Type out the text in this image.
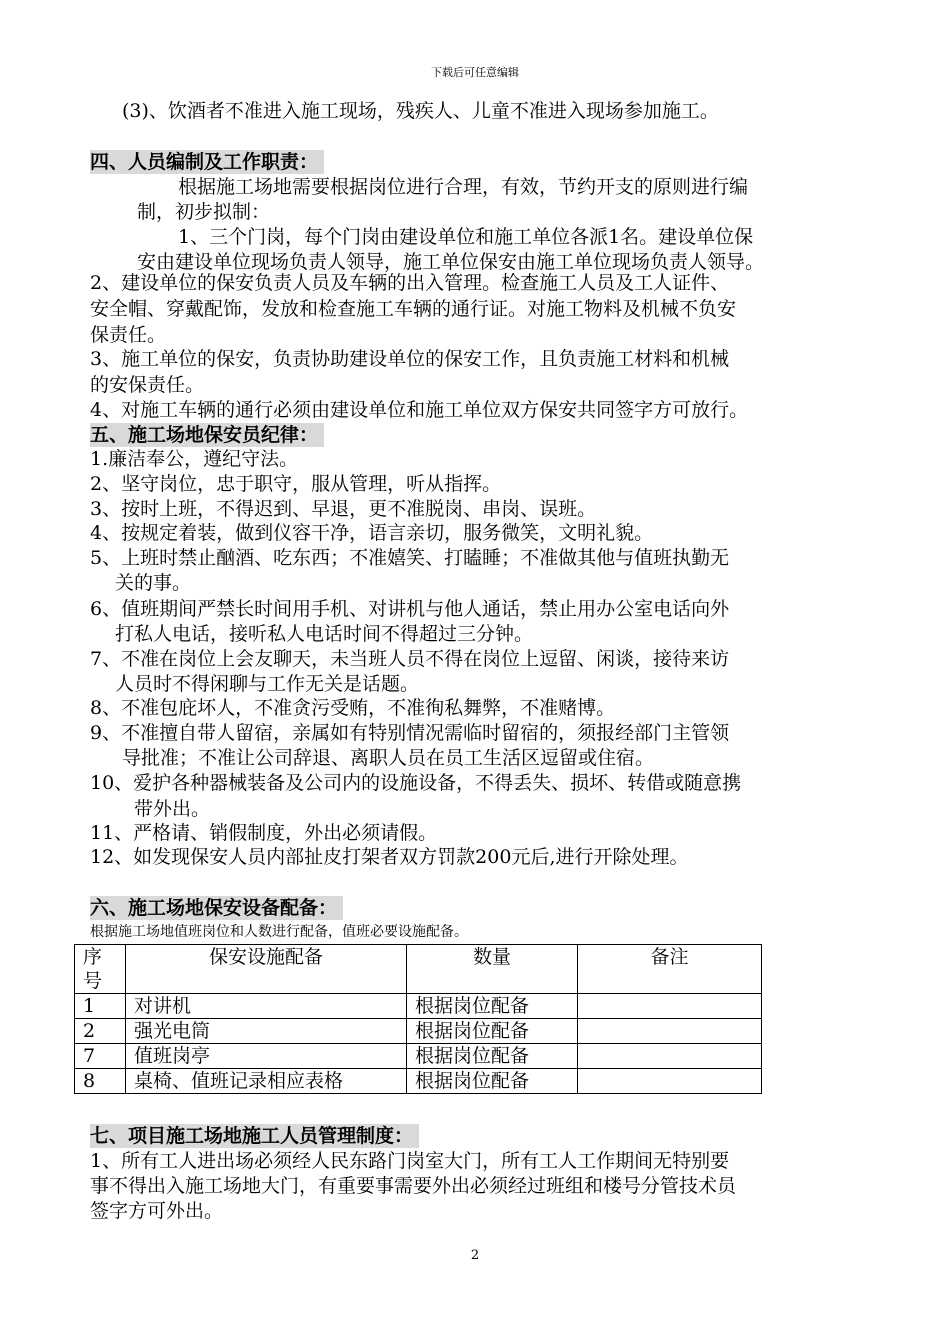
下载后可任意编辑
(3)、饮酒者不准进入施工现场，残疾人、儿童不准进入现场参加施工。
四、人员编制及工作职责：
根据施工场地需要根据岗位进行合理，有效，节约开支的原则进行编
制，初步拟制：
1、三个门岗，每个门岗由建设单位和施工单位各派1名。建设单位保
安由建设单位现场负责人领导，施工单位保安由施工单位现场负责人领导。
2、建设单位的保安负责人员及车辆的出入管理。检查施工人员及工人证件、
安全帽、穿戴配饰，发放和检查施工车辆的通行证。对施工物料及机械不负安
保责任。
3、施工单位的保安，负责协助建设单位的保安工作，且负责施工材料和机械
的安保责任。
4、对施工车辆的通行必须由建设单位和施工单位双方保安共同签字方可放行。
五、施工场地保安员纪律：
1.廉洁奉公，遵纪守法。
2、坚守岗位，忠于职守，服从管理，听从指挥。
3、按时上班，不得迟到、早退，更不准脱岗、串岗、误班。
4、按规定着装，做到仪容干净，语言亲切，服务微笑，文明礼貌。
5、上班时禁止酗酒、吃东西；不准嬉笑、打瞌睡；不准做其他与值班执勤无
关的事。
6、值班期间严禁长时间用手机、对讲机与他人通话，禁止用办公室电话向外
打私人电话，接听私人电话时间不得超过三分钟。
7、不准在岗位上会友聊天，未当班人员不得在岗位上逗留、闲谈，接待来访
人员时不得闲聊与工作无关是话题。
8、不准包庇坏人，不准贪污受贿，不准徇私舞弊，不准赌博。
9、不准擅自带人留宿，亲属如有特别情况需临时留宿的，须报经部门主管领
导批准；不准让公司辞退、离职人员在员工生活区逗留或住宿。
10、爱护各种器械装备及公司内的设施设备，不得丢失、损坏、转借或随意携
带外出。
11、严格请、销假制度，外出必须请假。
12、如发现保安人员内部扯皮打架者双方罚款200元后,进行开除处理。
六、施工场地保安设备配备：
根据施工场地值班岗位和人数进行配备，值班必要设施配备。
序
号	保安设施配备	数量	备注
1	对讲机	根据岗位配备	
2	强光电筒	根据岗位配备	
7	值班岗亭	根据岗位配备	
8	桌椅、值班记录相应表格	根据岗位配备	
七、项目施工场地施工人员管理制度：
1、所有工人进出场必须经人民东路门岗室大门，所有工人工作期间无特别要
事不得出入施工场地大门，有重要事需要外出必须经过班组和楼号分管技术员
签字方可外出。
2
